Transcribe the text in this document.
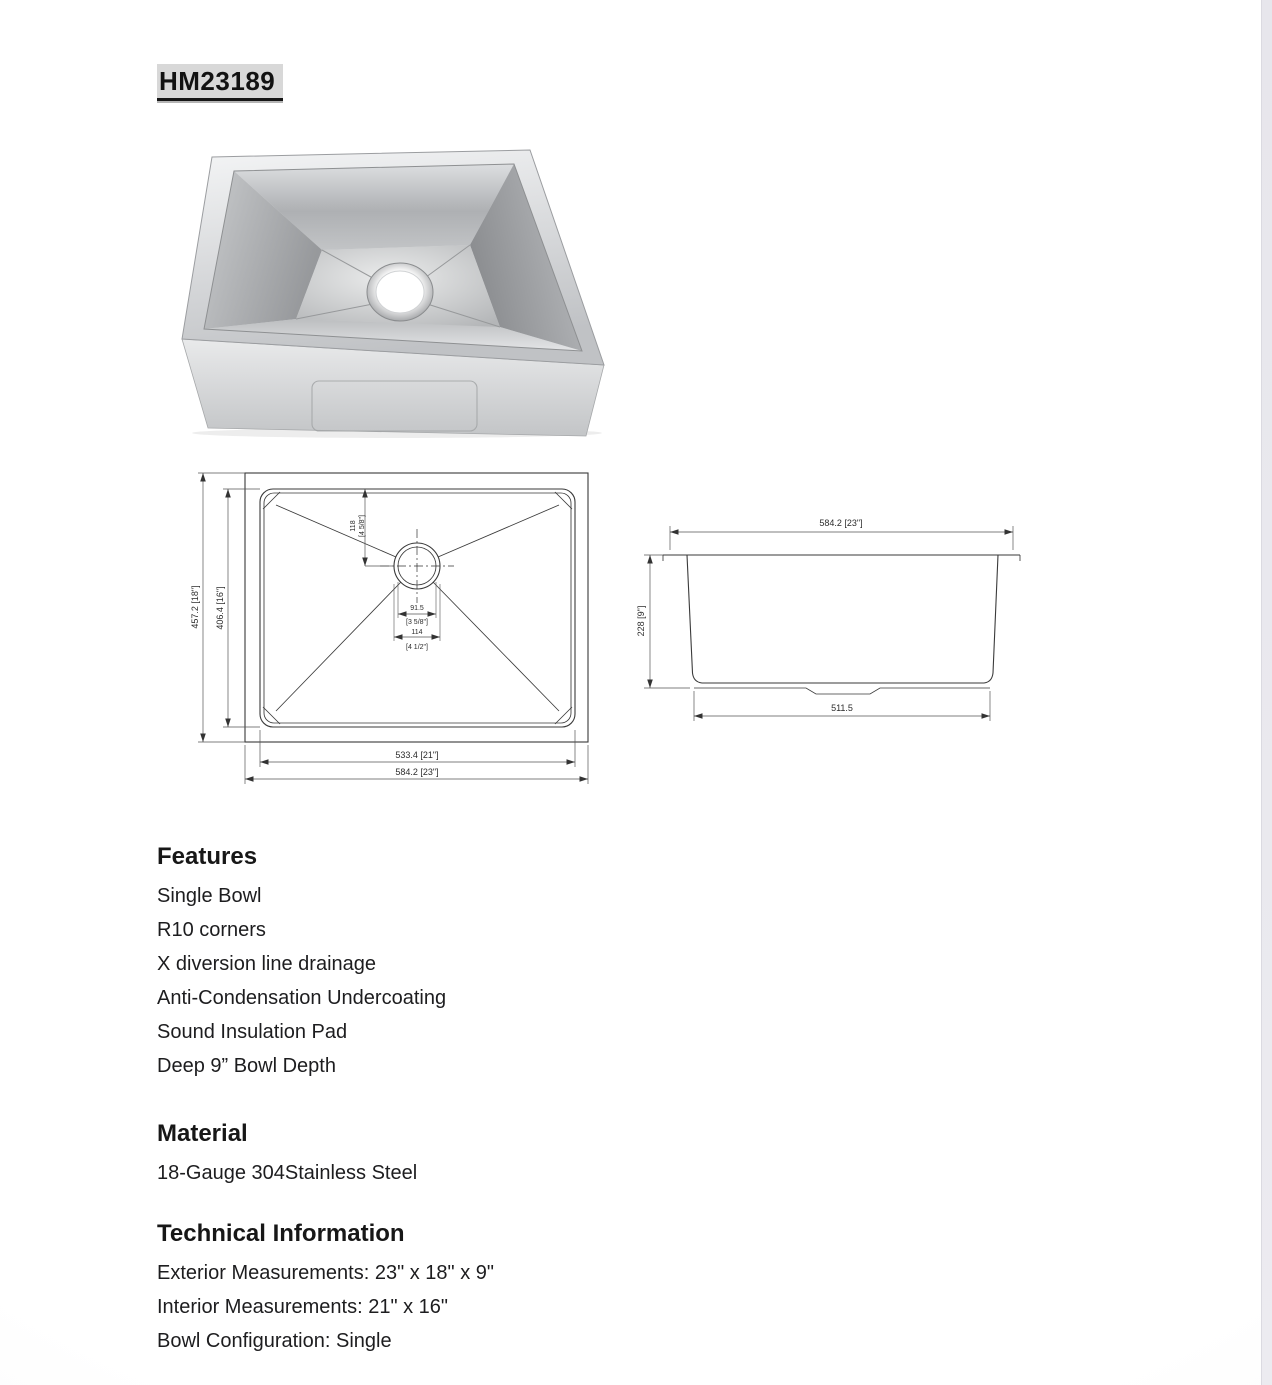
HM23189
118 [4 5/8"]
457.2 [18"] 406.4 [16"]
533.4 [21"]
584.2 [23"]
91.5
[3 5/8"]
114
[4 1/2"]
584.2 [23"]
228 [9"]
511.5
Features
Single Bowl
R10 corners
X diversion line drainage
Anti-Condensation Undercoating
Sound Insulation Pad
Deep 9” Bowl Depth
Material
18-Gauge 304Stainless Steel
Technical Information
Exterior Measurements: 23" x 18" x 9"
Interior Measurements: 21" x 16"
Bowl Configuration: Single
